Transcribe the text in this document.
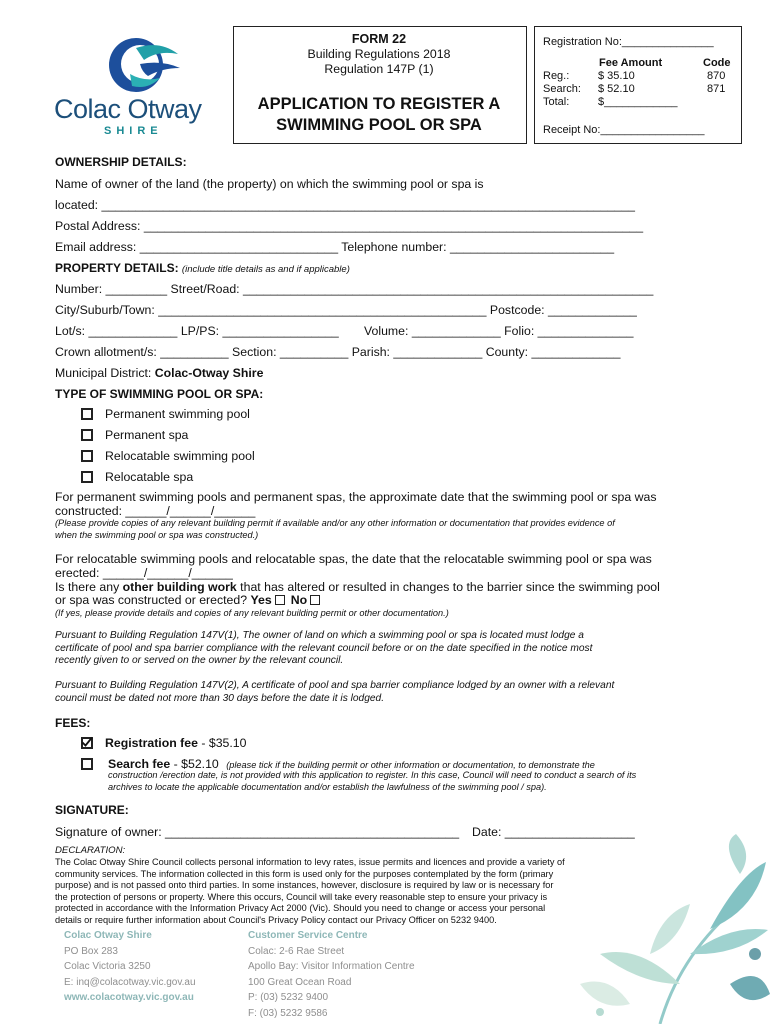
Colac Otway
SHIRE
FORM 22
Building Regulations 2018
Regulation 147P (1)
APPLICATION TO REGISTER A
SWIMMING POOL OR SPA
Registration No:_______________
Fee Amount	Code
Reg.:	$ 35.10	870
Search: $ 52.10	871
Total:	$____________
Receipt No:_________________
OWNERSHIP DETAILS:
Name of owner of the land (the property) on which the swimming pool or spa is
located: ______________________________________________________________________________
Postal Address: _________________________________________________________________________
Email address: _____________________________ Telephone number: ________________________
PROPERTY DETAILS: (include title details as and if applicable)
Number: _________ Street/Road: ____________________________________________________________
City/Suburb/Town: ________________________________________________ Postcode: _____________
Lot/s: _____________ LP/PS: _________________ Volume: _____________ Folio: ______________
Crown allotment/s: __________ Section: __________ Parish: _____________ County: _____________
Municipal District: Colac-Otway Shire
TYPE OF SWIMMING POOL OR SPA:
Permanent swimming pool
Permanent spa
Relocatable swimming pool
Relocatable spa
For permanent swimming pools and permanent spas, the approximate date that the swimming pool or spa was
constructed: ______/______/______
(Please provide copies of any relevant building permit if available and/or any other information or documentation that provides evidence of
when the swimming pool or spa was constructed.)
For relocatable swimming pools and relocatable spas, the date that the relocatable swimming pool or spa was
erected: ______/______/______
Is there any other building work that has altered or resulted in changes to the barrier since the swimming pool
or spa was constructed or erected? Yes No
(If yes, please provide details and copies of any relevant building permit or other documentation.)
Pursuant to Building Regulation 147V(1), The owner of land on which a swimming pool or spa is located must lodge a
certificate of pool and spa barrier compliance with the relevant council before or on the date specified in the notice most
recently given to or served on the owner by the relevant council.
Pursuant to Building Regulation 147V(2), A certificate of pool and spa barrier compliance lodged by an owner with a relevant
council must be dated not more than 30 days before the date it is lodged.
FEES:
Registration fee - $35.10
Search fee - $52.10 (please tick if the building permit or other information or documentation, to demonstrate the
construction /erection date, is not provided with this application to register. In this case, Council will need to conduct a search of its
archives to locate the applicable documentation and/or establish the lawfulness of the swimming pool / spa).
SIGNATURE:
Signature of owner: ___________________________________________ Date: ___________________
DECLARATION:
The Colac Otway Shire Council collects personal information to levy rates, issue permits and licences and provide a variety of
community services. The information collected in this form is used only for the purposes contemplated by the form (primary
purpose) and is not passed onto third parties. In some instances, however, disclosure is required by law or is necessary for
the protection of persons or property. Where this occurs, Council will take every reasonable step to ensure your privacy is
protected in accordance with the Information Privacy Act 2000 (Vic). Should you need to change or access your personal
details or require further information about Council's Privacy Policy contact our Privacy Officer on 5232 9400.
Colac Otway Shire
PO Box 283
Colac Victoria 3250
E: inq@colacotway.vic.gov.au
www.colacotway.vic.gov.au
Customer Service Centre
Colac: 2-6 Rae Street
Apollo Bay: Visitor Information Centre
100 Great Ocean Road
P: (03) 5232 9400
F: (03) 5232 9586
